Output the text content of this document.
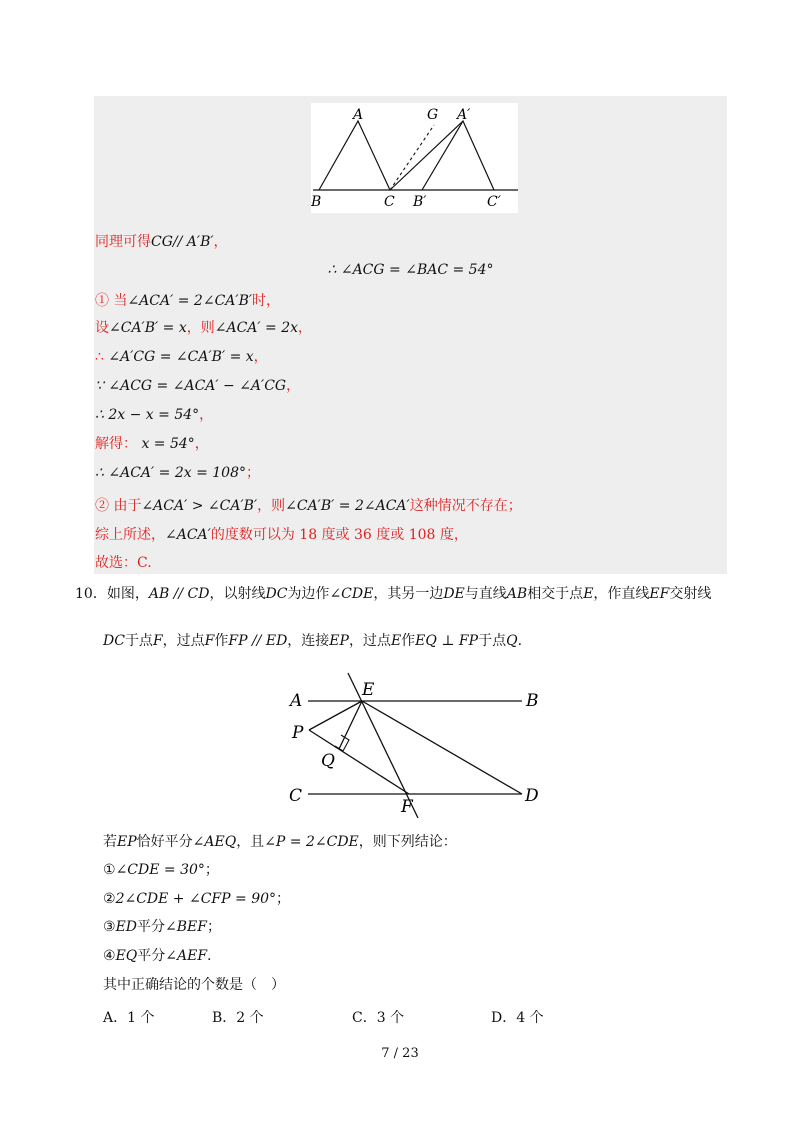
A	G A′
B	C B′	C′
同理可得CG// A′B′，
∴ ∠ACG = ∠BAC = 54°
① 当∠ACA′ = 2∠CA′B′时，
设∠CA′B′ = x，则∠ACA′ = 2x，
∴ ∠A′CG = ∠CA′B′ = x，
∵ ∠ACG = ∠ACA′ − ∠A′CG，
∴ 2x − x = 54°，
解得： x = 54°，
∴ ∠ACA′ = 2x = 108°；
② 由于∠ACA′ > ∠CA′B′，则∠CA′B′ = 2∠ACA′这种情况不存在；
综上所述，∠ACA′的度数可以为 18 度或 36 度或 108 度，
故选：C.
10．如图，AB // CD，以射线DC为边作∠CDE，其另一边DE与直线AB相交于点E，作直线EF交射线
DC于点F，过点F作FP // ED，连接EP，过点E作EQ ⊥ FP于点Q.
A
E
B
P
Q
C
F
D
若EP恰好平分∠AEQ，且∠P = 2∠CDE，则下列结论：
①∠CDE = 30°；
②2∠CDE + ∠CFP = 90°；
③ED平分∠BEF；
④EQ平分∠AEF.
其中正确结论的个数是（　）
A．1 个	B．2 个	C．3 个	D．4 个
7 / 23
